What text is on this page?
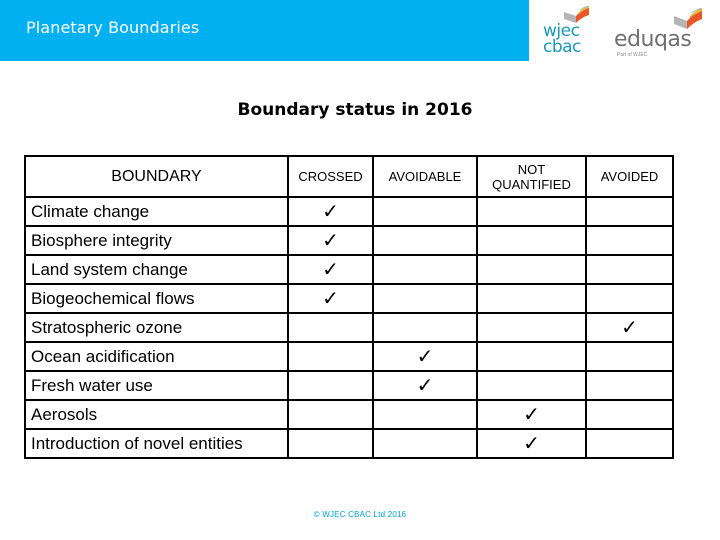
Planetary Boundaries	wjec
cbac eduqas
Part of WJEC
Boundary status in 2016
BOUNDARY	CROSSED	AVOIDABLE	NOT QUANTIFIED	AVOIDED
Climate change	✓			
Biosphere integrity	✓			
Land system change	✓			
Biogeochemical flows	✓			
Stratospheric ozone				✓
Ocean acidification		✓		
Fresh water use		✓		
Aerosols			✓	
Introduction of novel entities			✓	
© WJEC CBAC Ltd 2016
